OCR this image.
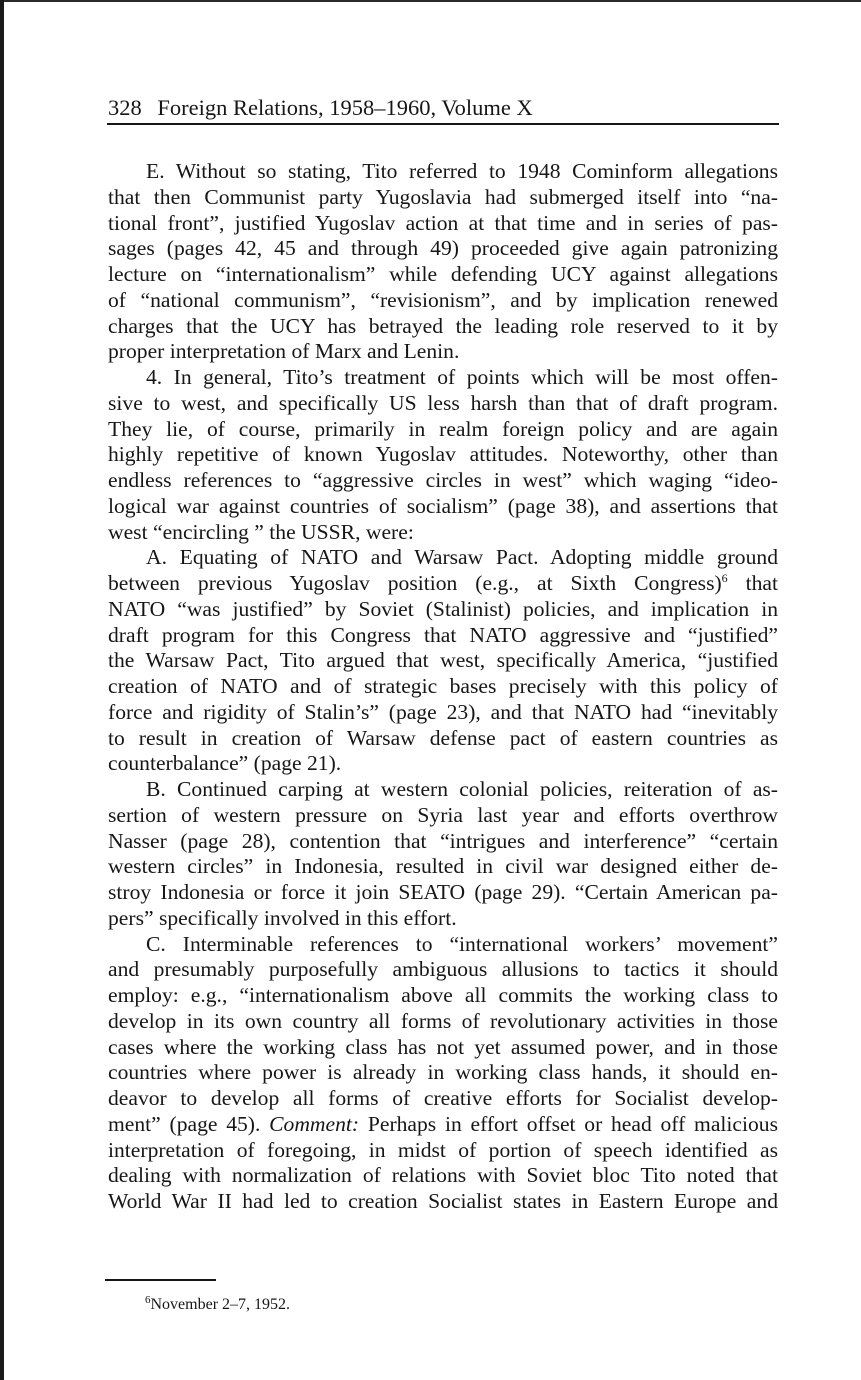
328 Foreign Relations, 1958–1960, Volume X
E. Without so stating, Tito referred to 1948 Cominform allegations
that then Communist party Yugoslavia had submerged itself into “na-
tional front”, justified Yugoslav action at that time and in series of pas-
sages (pages 42, 45 and through 49) proceeded give again patronizing
lecture on “internationalism” while defending UCY against allegations
of “national communism”, “revisionism”, and by implication renewed
charges that the UCY has betrayed the leading role reserved to it by
proper interpretation of Marx and Lenin.
4. In general, Tito’s treatment of points which will be most offen-
sive to west, and specifically US less harsh than that of draft program.
They lie, of course, primarily in realm foreign policy and are again
highly repetitive of known Yugoslav attitudes. Noteworthy, other than
endless references to “aggressive circles in west” which waging “ideo-
logical war against countries of socialism” (page 38), and assertions that
west “encircling ” the USSR, were:
A. Equating of NATO and Warsaw Pact. Adopting middle ground
between previous Yugoslav position (e.g., at Sixth Congress)$^6$ that
NATO “was justified” by Soviet (Stalinist) policies, and implication in
draft program for this Congress that NATO aggressive and “justified”
the Warsaw Pact, Tito argued that west, specifically America, “justified
creation of NATO and of strategic bases precisely with this policy of
force and rigidity of Stalin’s” (page 23), and that NATO had “inevitably
to result in creation of Warsaw defense pact of eastern countries as
counterbalance” (page 21).
B. Continued carping at western colonial policies, reiteration of as-
sertion of western pressure on Syria last year and efforts overthrow
Nasser (page 28), contention that “intrigues and interference” “certain
western circles” in Indonesia, resulted in civil war designed either de-
stroy Indonesia or force it join SEATO (page 29). “Certain American pa-
pers” specifically involved in this effort.
C. Interminable references to “international workers’ movement”
and presumably purposefully ambiguous allusions to tactics it should
employ: e.g., “internationalism above all commits the working class to
develop in its own country all forms of revolutionary activities in those
cases where the working class has not yet assumed power, and in those
countries where power is already in working class hands, it should en-
deavor to develop all forms of creative efforts for Socialist develop-
ment” (page 45). Comment: Perhaps in effort offset or head off malicious
interpretation of foregoing, in midst of portion of speech identified as
dealing with normalization of relations with Soviet bloc Tito noted that
World War II had led to creation Socialist states in Eastern Europe and
$^6$November 2–7, 1952.
